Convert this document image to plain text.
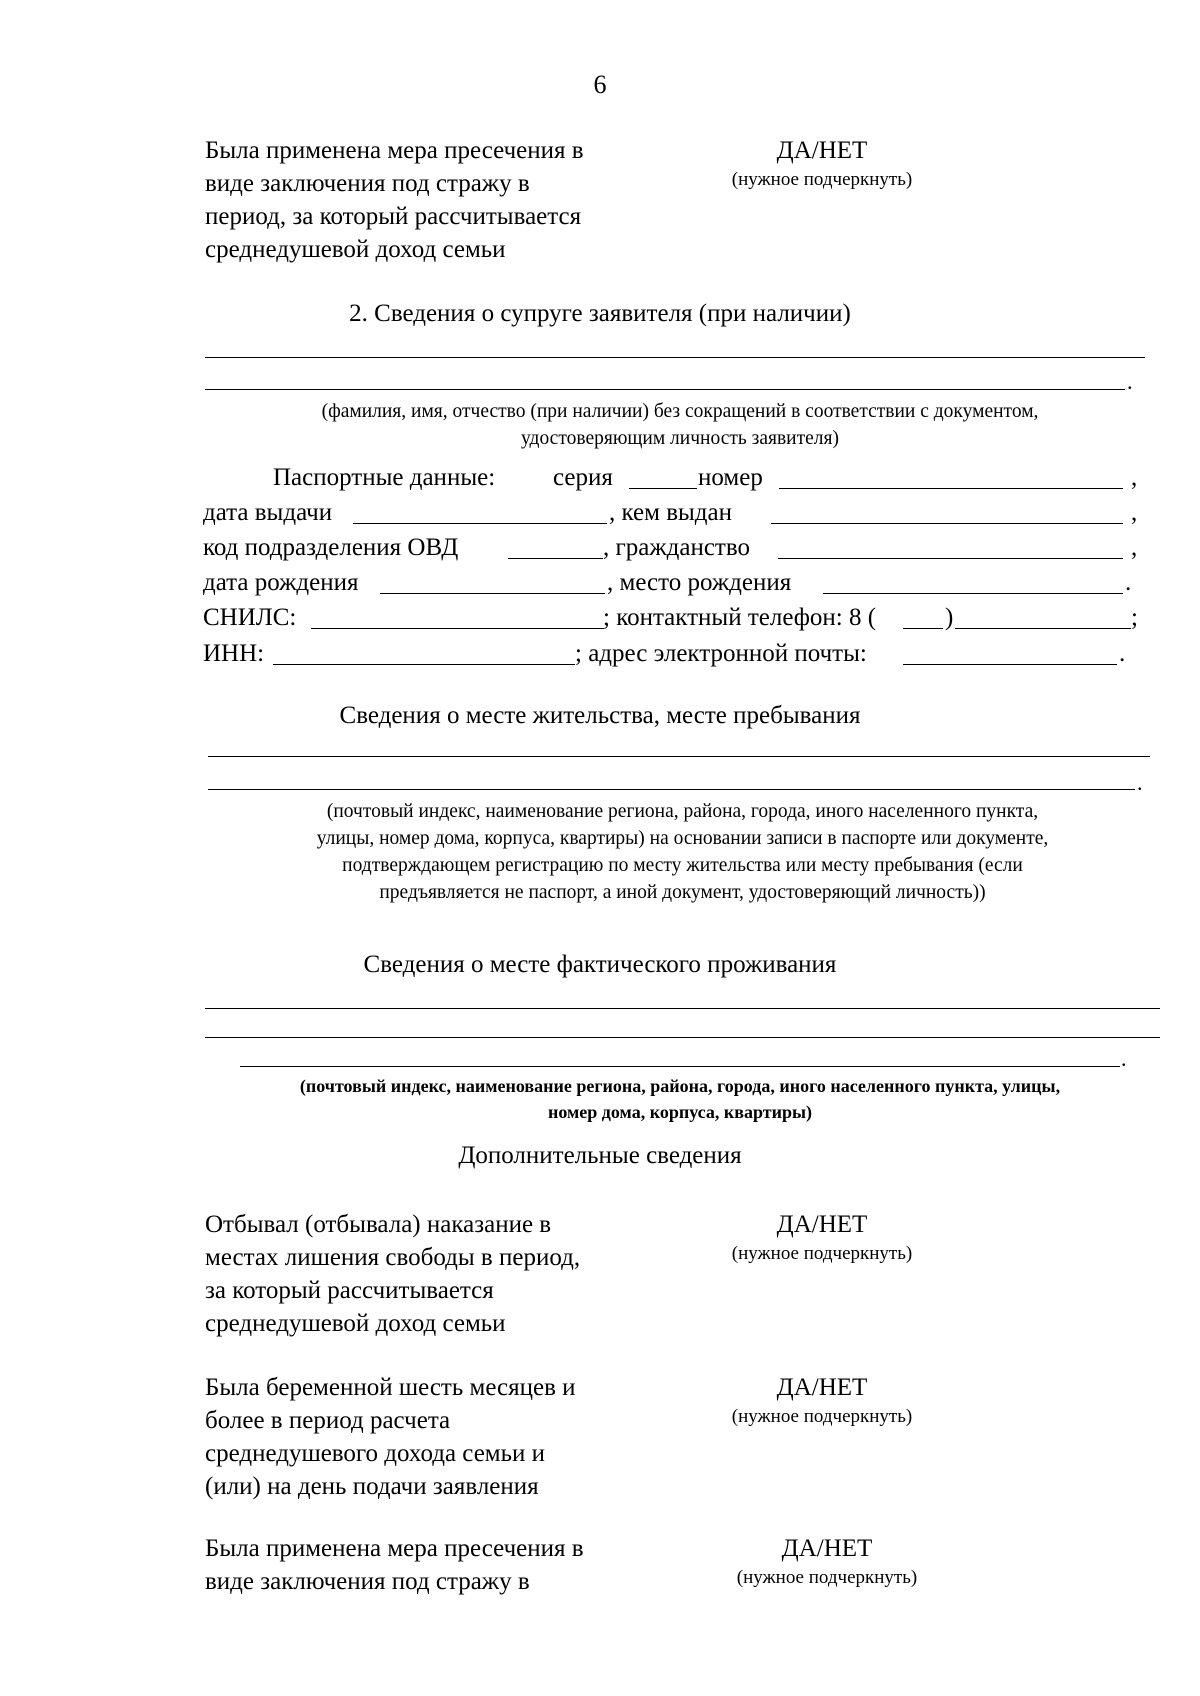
6
Была применена мера пресечения в
виде заключения под стражу в
период, за который рассчитывается
среднедушевой доход семьи
ДА/НЕТ
(нужное подчеркнуть)
2. Сведения о супруге заявителя (при наличии)
.
(фамилия, имя, отчество (при наличии) без сокращений в соответствии с документом,
удостоверяющим личность заявителя)
Паспортные данные: серия	номер	,
дата выдачи	, кем выдан	,
код подразделения ОВД	, гражданство	,
дата рождения	, место рождения	.
СНИЛС:	; контактный телефон: 8 (	)	;
ИНН:	; адрес электронной почты:	.
Сведения о месте жительства, месте пребывания
.
(почтовый индекс, наименование региона, района, города, иного населенного пункта,
улицы, номер дома, корпуса, квартиры) на основании записи в паспорте или документе,
подтверждающем регистрацию по месту жительства или месту пребывания (если
предъявляется не паспорт, а иной документ, удостоверяющий личность))
Сведения о месте фактического проживания
.
(почтовый индекс, наименование региона, района, города, иного населенного пункта, улицы,
номер дома, корпуса, квартиры)
Дополнительные сведения
Отбывал (отбывала) наказание в
местах лишения свободы в период,
за который рассчитывается
среднедушевой доход семьи
ДА/НЕТ
(нужное подчеркнуть)
Была беременной шесть месяцев и
более в период расчета
среднедушевого дохода семьи и
(или) на день подачи заявления
ДА/НЕТ
(нужное подчеркнуть)
Была применена мера пресечения в
виде заключения под стражу в
ДА/НЕТ
(нужное подчеркнуть)
